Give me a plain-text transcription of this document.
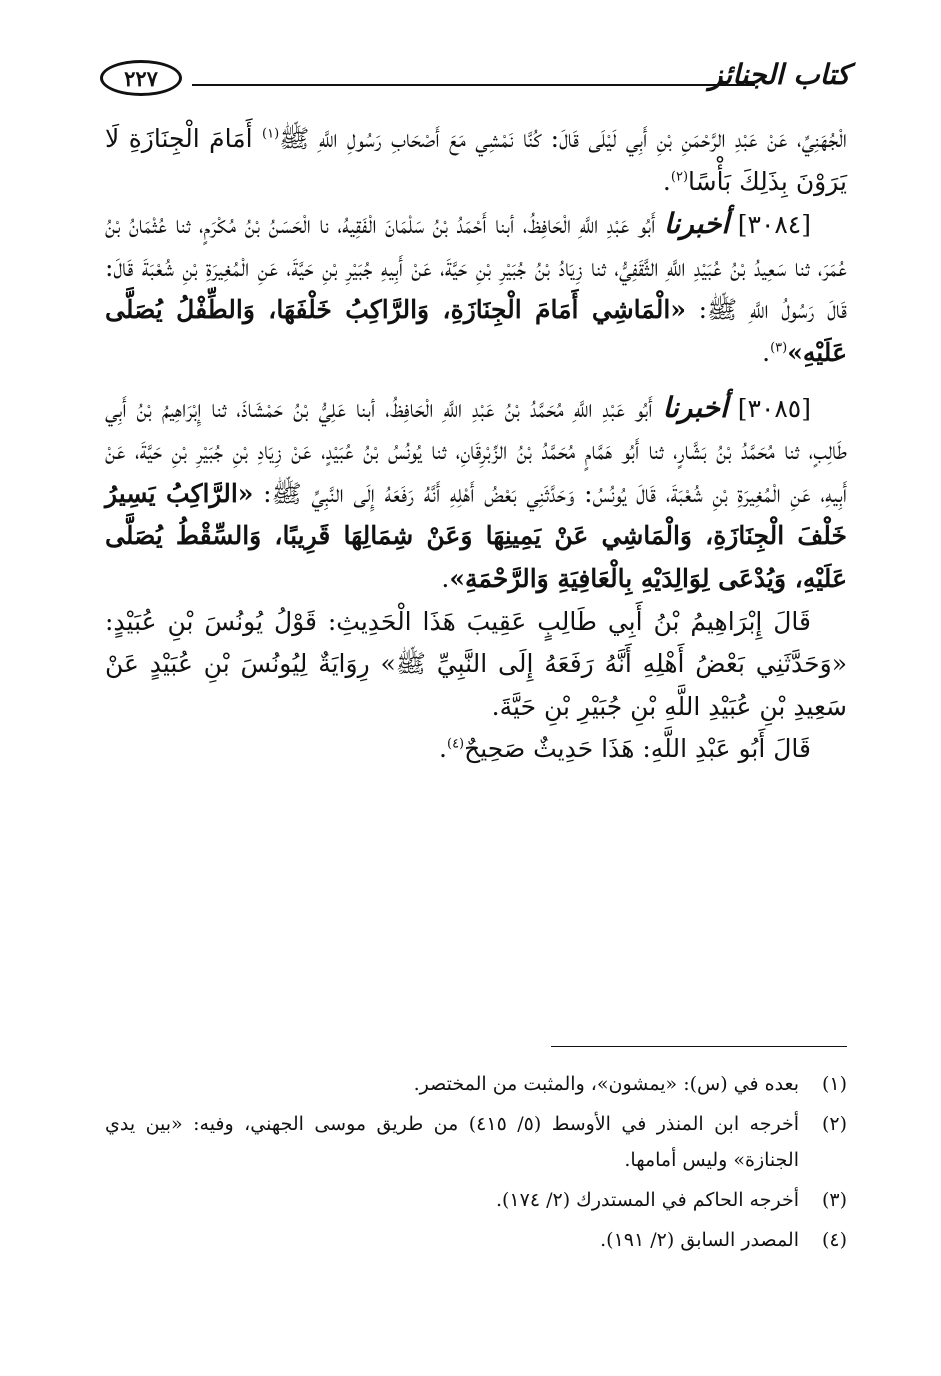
٢٢٧	كتاب الجنائز

الْجُهَنِيِّ، عَنْ عَبْدِ الرَّحْمَنِ بْنِ أَبِي لَيْلَى قَالَ: كُنَّا نَمْشِي مَعَ أَصْحَابِ رَسُولِ اللَّهِ ﷺ$^{(١)}$ أَمَامَ الْجِنَازَةِ لَا يَرَوْنَ بِذَلِكَ بَأْسًا$^{(٢)}$.

[٣٠٨٤] أخبرنا أَبُو عَبْدِ اللَّهِ الْحَافِظُ، أبنا أَحْمَدُ بْنُ سَلْمَانَ الْفَقِيهُ، نا الْحَسَنُ بْنُ مُكْرَمٍ، ثنا عُثْمَانُ بْنُ عُمَرَ، ثنا سَعِيدُ بْنُ عُبَيْدِ اللَّهِ الثَّقَفِيُّ، ثنا زِيَادُ بْنُ جُبَيْرِ بْنِ حَيَّةَ، عَنْ أَبِيهِ جُبَيْرِ بْنِ حَيَّةَ، عَنِ الْمُغِيرَةِ بْنِ شُعْبَةَ قَالَ: قَالَ رَسُولُ اللَّهِ ﷺ: «الْمَاشِي أَمَامَ الْجِنَازَةِ، وَالرَّاكِبُ خَلْفَهَا، وَالطِّفْلُ يُصَلَّى عَلَيْهِ»$^{(٣)}$.

[٣٠٨٥] أخبرنا أَبُو عَبْدِ اللَّهِ مُحَمَّدُ بْنُ عَبْدِ اللَّهِ الْحَافِظُ، أبنا عَلِيُّ بْنُ حَمْشَاذَ، ثنا إِبْرَاهِيمُ بْنُ أَبِي طَالِبٍ، ثنا مُحَمَّدُ بْنُ بَشَّارٍ، ثنا أَبُو هَمَّامٍ مُحَمَّدُ بْنُ الزِّبْرِقَانِ، ثنا يُونُسُ بْنُ عُبَيْدٍ، عَنْ زِيَادِ بْنِ جُبَيْرِ بْنِ حَيَّةَ، عَنْ أَبِيهِ، عَنِ الْمُغِيرَةِ بْنِ شُعْبَةَ، قَالَ يُونُسُ: وَحَدَّثَنِي بَعْضُ أَهْلِهِ أَنَّهُ رَفَعَهُ إِلَى النَّبِيِّ ﷺ: «الرَّاكِبُ يَسِيرُ خَلْفَ الْجِنَازَةِ، وَالْمَاشِي عَنْ يَمِينِهَا وَعَنْ شِمَالِهَا قَرِيبًا، وَالسِّقْطُ يُصَلَّى عَلَيْهِ، وَيُدْعَى لِوَالِدَيْهِ بِالْعَافِيَةِ وَالرَّحْمَةِ».

قَالَ إِبْرَاهِيمُ بْنُ أَبِي طَالِبٍ عَقِيبَ هَذَا الْحَدِيثِ: قَوْلُ يُونُسَ بْنِ عُبَيْدٍ: «وَحَدَّثَنِي بَعْضُ أَهْلِهِ أَنَّهُ رَفَعَهُ إِلَى النَّبِيِّ ﷺ» رِوَايَةٌ لِيُونُسَ بْنِ عُبَيْدٍ عَنْ سَعِيدِ بْنِ عُبَيْدِ اللَّهِ بْنِ جُبَيْرِ بْنِ حَيَّةَ.

قَالَ أَبُو عَبْدِ اللَّهِ: هَذَا حَدِيثٌ صَحِيحٌ$^{(٤)}$.

(١)
بعده في (س): «يمشون»، والمثبت من المختصر.
(٢)
أخرجه ابن المنذر في الأوسط (٥/ ٤١٥) من طريق موسى الجهني، وفيه: «بين يدي الجنازة» وليس أمامها.
(٣)
أخرجه الحاكم في المستدرك (٢/ ١٧٤).
(٤)
المصدر السابق (٢/ ١٩١).
